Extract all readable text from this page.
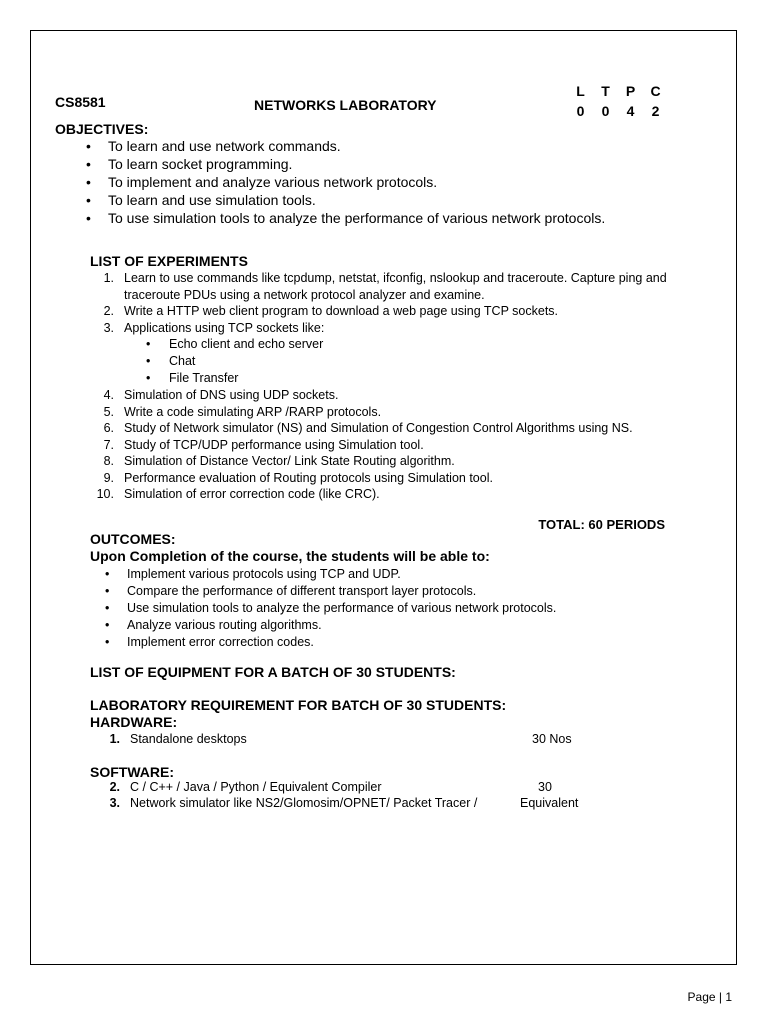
CS8581	NETWORKS LABORATORY
L	T	P	C
0	0	4	2
OBJECTIVES:
• To learn and use network commands.
• To learn socket programming.
• To implement and analyze various network protocols.
• To learn and use simulation tools.
• To use simulation tools to analyze the performance of various network protocols.
LIST OF EXPERIMENTS
1. Learn to use commands like tcpdump, netstat, ifconfig, nslookup and traceroute. Capture ping and traceroute PDUs using a network protocol analyzer and examine.
2. Write a HTTP web client program to download a web page using TCP sockets.
3. Applications using TCP sockets like:
• Echo client and echo server
• Chat
• File Transfer
4. Simulation of DNS using UDP sockets.
5. Write a code simulating ARP /RARP protocols.
6. Study of Network simulator (NS) and Simulation of Congestion Control Algorithms using NS.
7. Study of TCP/UDP performance using Simulation tool.
8. Simulation of Distance Vector/ Link State Routing algorithm.
9. Performance evaluation of Routing protocols using Simulation tool.
10. Simulation of error correction code (like CRC).
TOTAL: 60 PERIODS
OUTCOMES:
Upon Completion of the course, the students will be able to:
• Implement various protocols using TCP and UDP.
• Compare the performance of different transport layer protocols.
• Use simulation tools to analyze the performance of various network protocols.
• Analyze various routing algorithms.
• Implement error correction codes.
LIST OF EQUIPMENT FOR A BATCH OF 30 STUDENTS:
LABORATORY REQUIREMENT FOR BATCH OF 30 STUDENTS:
HARDWARE:
1. Standalone desktops	30 Nos
SOFTWARE:
2. C / C++ / Java / Python / Equivalent Compiler	30
3. Network simulator like NS2/Glomosim/OPNET/ Packet Tracer /	Equivalent
Page | 1
